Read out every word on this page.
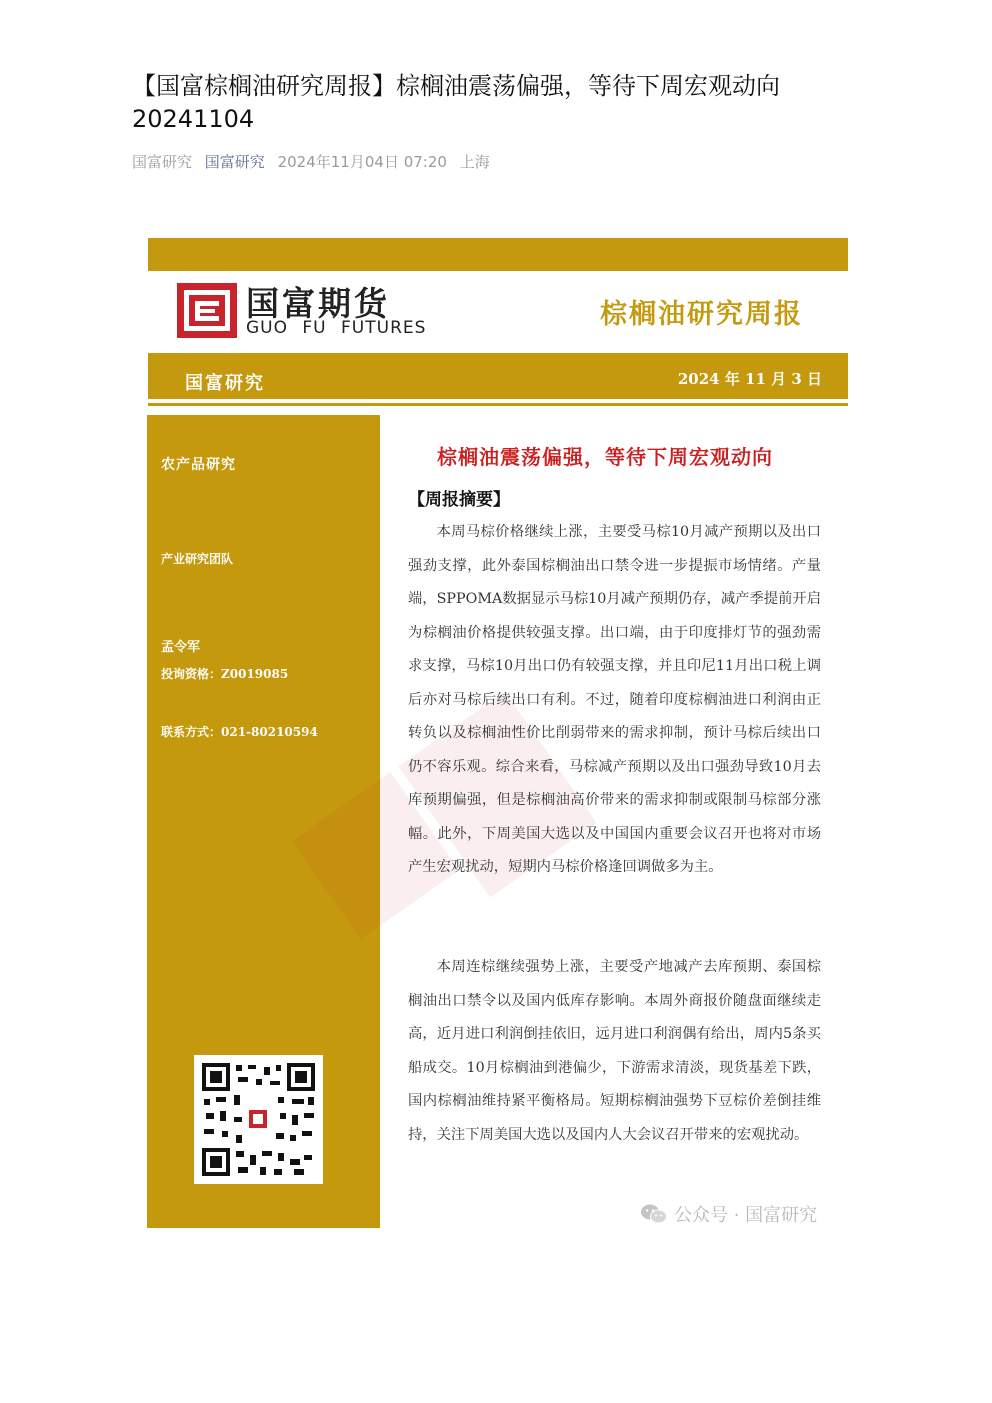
【国富棕榈油研究周报】棕榈油震荡偏强，等待下周宏观动向20241104
国富研究 国富研究 2024年11月04日 07:20 上海
国富期货
GUO FU FUTURES	棕榈油研究周报
国富研究	2024 年 11 月 3 日
农产品研究
产业研究团队
孟令军
投询资格：Z0019085
联系方式：021-80210594
棕榈油震荡偏强，等待下周宏观动向
【周报摘要】

本周马棕价格继续上涨，主要受马棕10月减产预期以及出口强劲支撑，此外泰国棕榈油出口禁令进一步提振市场情绪。产量端，SPPOMA数据显示马棕10月减产预期仍存，减产季提前开启为棕榈油价格提供较强支撑。出口端，由于印度排灯节的强劲需求支撑，马棕10月出口仍有较强支撑，并且印尼11月出口税上调后亦对马棕后续出口有利。不过，随着印度棕榈油进口利润由正转负以及棕榈油性价比削弱带来的需求抑制，预计马棕后续出口仍不容乐观。综合来看，马棕减产预期以及出口强劲导致10月去库预期偏强，但是棕榈油高价带来的需求抑制或限制马棕部分涨幅。此外，下周美国大选以及中国国内重要会议召开也将对市场产生宏观扰动，短期内马棕价格逢回调做多为主。

本周连棕继续强势上涨，主要受产地减产去库预期、泰国棕榈油出口禁令以及国内低库存影响。本周外商报价随盘面继续走高，近月进口利润倒挂依旧，远月进口利润偶有给出，周内5条买船成交。10月棕榈油到港偏少，下游需求清淡，现货基差下跌，国内棕榈油维持紧平衡格局。短期棕榈油强势下豆棕价差倒挂维持，关注下周美国大选以及国内人大会议召开带来的宏观扰动。

公众号 · 国富研究
